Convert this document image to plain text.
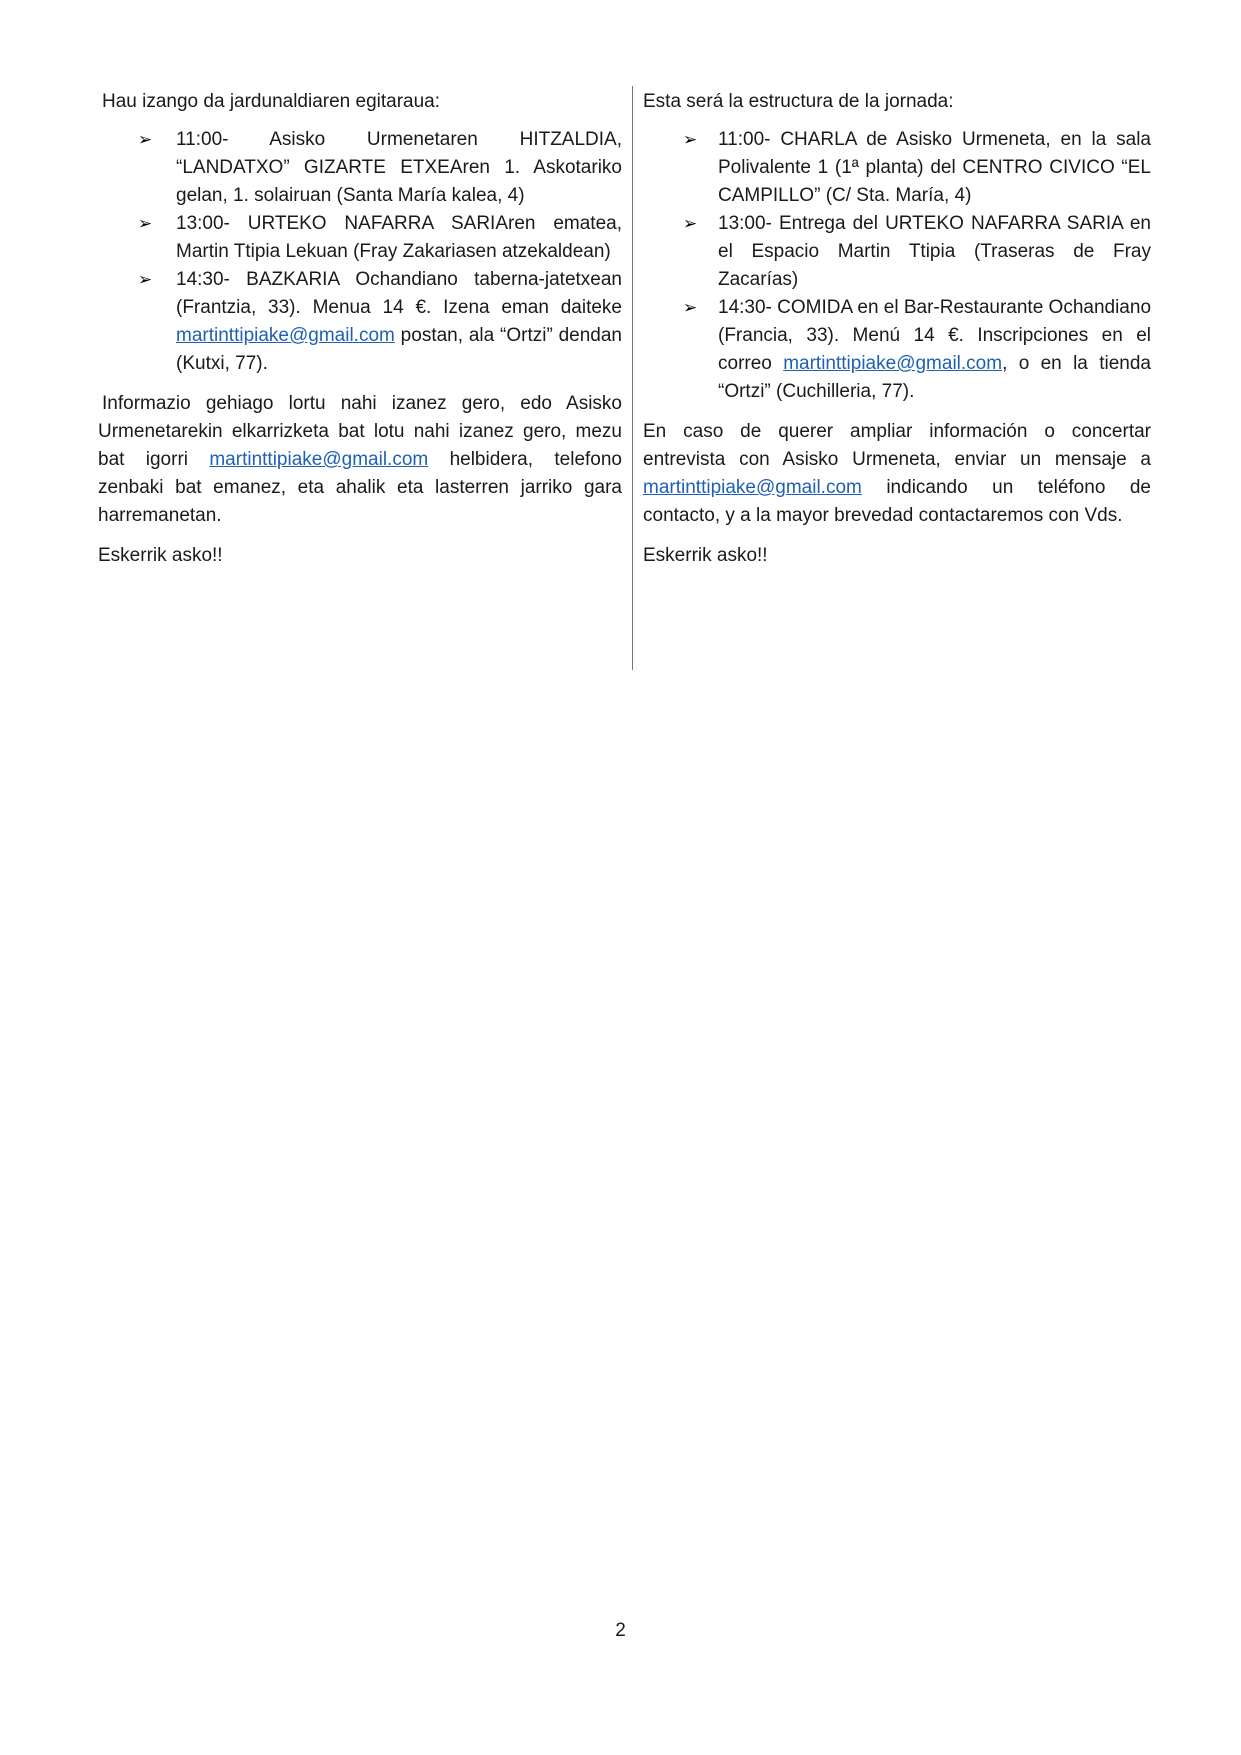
Hau izango da jardunaldiaren egitaraua:

➢	11:00- Asisko Urmenetaren HITZALDIA, “LANDATXO” GIZARTE ETXEAren 1. Askotariko gelan, 1. solairuan (Santa María kalea, 4)
➢	13:00- URTEKO NAFARRA SARIAren ematea, Martin Ttipia Lekuan (Fray Zakariasen atzekaldean)
➢	14:30- BAZKARIA Ochandiano taberna-jatetxean (Frantzia, 33). Menua 14 €. Izena eman daiteke martinttipiake@gmail.com postan, ala “Ortzi” dendan (Kutxi, 77).

Informazio gehiago lortu nahi izanez gero, edo Asisko Urmenetarekin elkarrizketa bat lotu nahi izanez gero, mezu bat igorri martinttipiake@gmail.com helbidera, telefono zenbaki bat emanez, eta ahalik eta lasterren jarriko gara harremanetan.

Eskerrik asko!!

Esta será la estructura de la jornada:

➢	11:00- CHARLA de Asisko Urmeneta, en la sala Polivalente 1 (1ª planta) del CENTRO CIVICO “EL CAMPILLO” (C/ Sta. María, 4)
➢	13:00- Entrega del URTEKO NAFARRA SARIA en el Espacio Martin Ttipia (Traseras de Fray Zacarías)
➢	14:30- COMIDA en el Bar-Restaurante Ochandiano (Francia, 33). Menú 14 €. Inscripciones en el correo martinttipiake@gmail.com, o en la tienda “Ortzi” (Cuchilleria, 77).

En caso de querer ampliar información o concertar entrevista con Asisko Urmeneta, enviar un mensaje a martinttipiake@gmail.com indicando un teléfono de contacto, y a la mayor brevedad contactaremos con Vds.

Eskerrik asko!!

2
